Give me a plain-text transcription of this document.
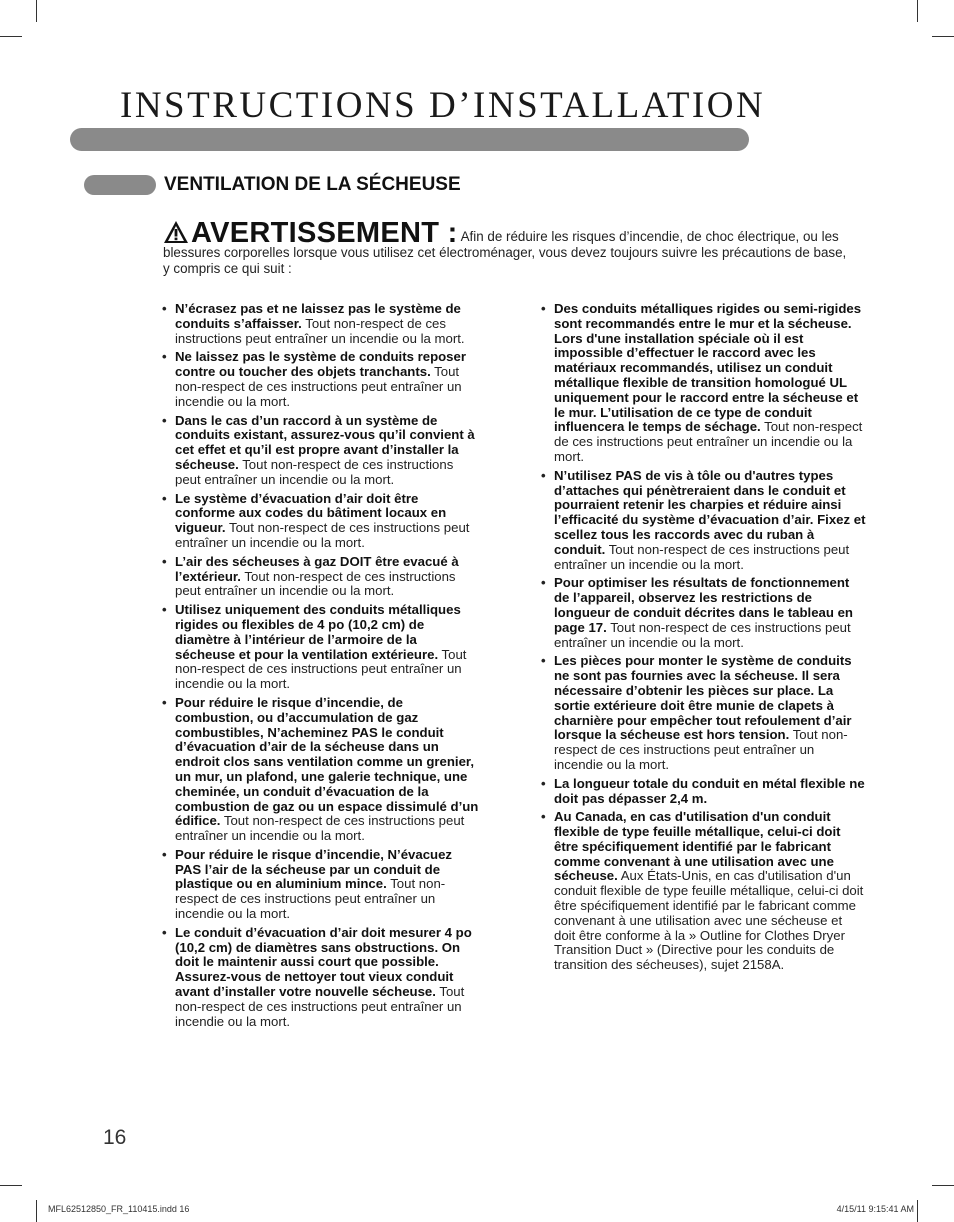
INSTRUCTIONS D’INSTALLATION
VENTILATION DE LA SÉCHEUSE
AVERTISSEMENT : Afin de réduire les risques d’incendie, de choc électrique, ou les blessures corporelles lorsque vous utilisez cet électroménager, vous devez toujours suivre les précautions de base, y compris ce qui suit :
• N’écrasez pas et ne laissez pas le système de conduits s’affaisser. Tout non-respect de ces instructions peut entraîner un incendie ou la mort.
• Ne laissez pas le système de conduits reposer contre ou toucher des objets tranchants. Tout non-respect de ces instructions peut entraîner un incendie ou la mort.
• Dans le cas d’un raccord à un système de conduits existant, assurez-vous qu’il convient à cet effet et qu’il est propre avant d’installer la sécheuse. Tout non-respect de ces instructions peut entraîner un incendie ou la mort.
• Le système d’évacuation d’air doit être conforme aux codes du bâtiment locaux en vigueur. Tout non-respect de ces instructions peut entraîner un incendie ou la mort.
• L’air des sécheuses à gaz DOIT être evacué à l’extérieur. Tout non-respect de ces instructions peut entraîner un incendie ou la mort.
• Utilisez uniquement des conduits métalliques rigides ou flexibles de 4 po (10,2 cm) de diamètre à l’intérieur de l’armoire de la sécheuse et pour la ventilation extérieure. Tout non-respect de ces instructions peut entraîner un incendie ou la mort.
• Pour réduire le risque d’incendie, de combustion, ou d’accumulation de gaz combustibles, N’acheminez PAS le conduit d’évacuation d’air de la sécheuse dans un endroit clos sans ventilation comme un grenier, un mur, un plafond, une galerie technique, une cheminée, un conduit d’évacuation de la combustion de gaz ou un espace dissimulé d’un édifice. Tout non-respect de ces instructions peut entraîner un incendie ou la mort.
• Pour réduire le risque d’incendie, N’évacuez PAS l’air de la sécheuse par un conduit de plastique ou en aluminium mince. Tout non-respect de ces instructions peut entraîner un incendie ou la mort.
• Le conduit d’évacuation d’air doit mesurer 4 po (10,2 cm) de diamètres sans obstructions. On doit le maintenir aussi court que possible. Assurez-vous de nettoyer tout vieux conduit avant d’installer votre nouvelle sécheuse. Tout non-respect de ces instructions peut entraîner un incendie ou la mort.
• Des conduits métalliques rigides ou semi-rigides sont recommandés entre le mur et la sécheuse. Lors d'une installation spéciale où il est impossible d’effectuer le raccord avec les matériaux recommandés, utilisez un conduit métallique flexible de transition homologué UL uniquement pour le raccord entre la sécheuse et le mur. L’utilisation de ce type de conduit influencera le temps de séchage. Tout non-respect de ces instructions peut entraîner un incendie ou la mort.
• N’utilisez PAS de vis à tôle ou d'autres types d’attaches qui pénètreraient dans le conduit et pourraient retenir les charpies et réduire ainsi l’efficacité du système d’évacuation d’air. Fixez et scellez tous les raccords avec du ruban à conduit. Tout non-respect de ces instructions peut entraîner un incendie ou la mort.
• Pour optimiser les résultats de fonctionnement de l’appareil, observez les restrictions de longueur de conduit décrites dans le tableau en page 17. Tout non-respect de ces instructions peut entraîner un incendie ou la mort.
• Les pièces pour monter le système de conduits ne sont pas fournies avec la sécheuse. Il sera nécessaire d’obtenir les pièces sur place. La sortie extérieure doit être munie de clapets à charnière pour empêcher tout refoulement d’air lorsque la sécheuse est hors tension. Tout non-respect de ces instructions peut entraîner un incendie ou la mort.
• La longueur totale du conduit en métal flexible ne doit pas dépasser 2,4 m.
• Au Canada, en cas d'utilisation d'un conduit flexible de type feuille métallique, celui-ci doit être spécifiquement identifié par le fabricant comme convenant à une utilisation avec une sécheuse. Aux États-Unis, en cas d'utilisation d'un conduit flexible de type feuille métallique, celui-ci doit être spécifiquement identifié par le fabricant comme convenant à une utilisation avec une sécheuse et doit être conforme à la » Outline for Clothes Dryer Transition Duct » (Directive pour les conduits de transition des sécheuses), sujet 2158A.
16
MFL62512850_FR_110415.indd 16	4/15/11 9:15:41 AM
